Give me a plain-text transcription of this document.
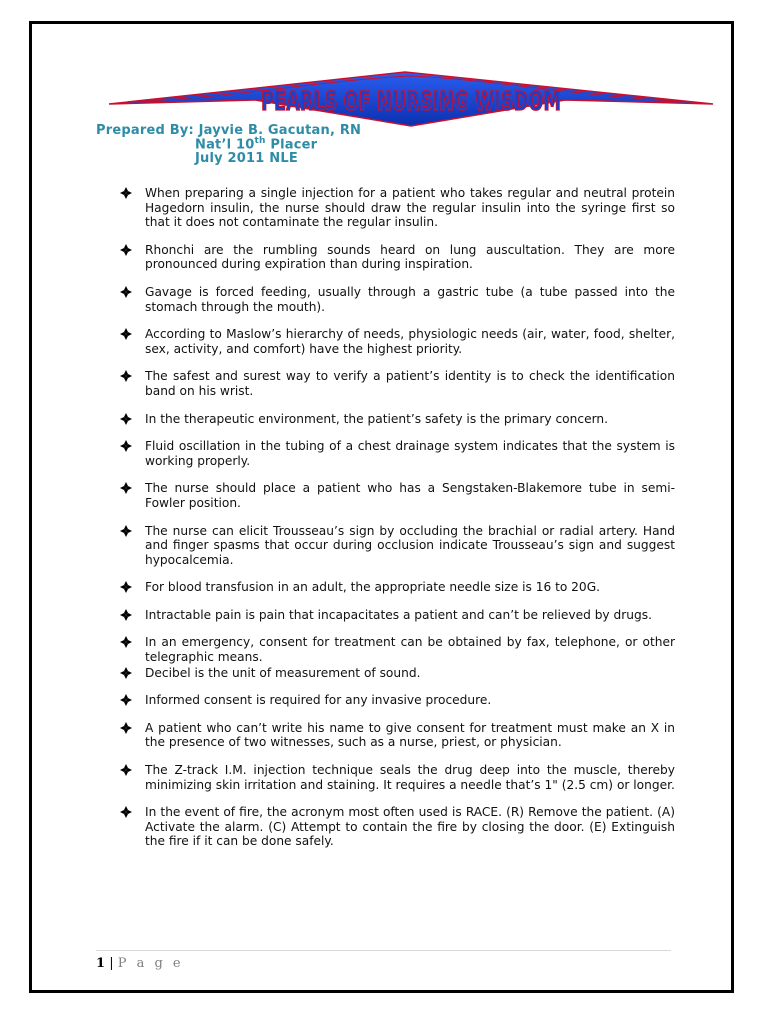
PEARLS OF NURSING WISDOM
Prepared By: Jayvie B. Gacutan, RN
Nat’l 10th Placer
July 2011 NLE
When preparing a single injection for a patient who takes regular and neutral protein Hagedorn insulin, the nurse should draw the regular insulin into the syringe first so that it does not contaminate the regular insulin.
Rhonchi are the rumbling sounds heard on lung auscultation. They are more pronounced during expiration than during inspiration.
Gavage is forced feeding, usually through a gastric tube (a tube passed into the stomach through the mouth).
According to Maslow’s hierarchy of needs, physiologic needs (air, water, food, shelter, sex, activity, and comfort) have the highest priority.
The safest and surest way to verify a patient’s identity is to check the identification band on his wrist.
In the therapeutic environment, the patient’s safety is the primary concern.
Fluid oscillation in the tubing of a chest drainage system indicates that the system is working properly.
The nurse should place a patient who has a Sengstaken-Blakemore tube in semi-Fowler position.
The nurse can elicit Trousseau’s sign by occluding the brachial or radial artery. Hand and finger spasms that occur during occlusion indicate Trousseau’s sign and suggest hypocalcemia.
For blood transfusion in an adult, the appropriate needle size is 16 to 20G.
Intractable pain is pain that incapacitates a patient and can’t be relieved by drugs.
In an emergency, consent for treatment can be obtained by fax, telephone, or other telegraphic means.
Decibel is the unit of measurement of sound.
Informed consent is required for any invasive procedure.
A patient who can’t write his name to give consent for treatment must make an X in the presence of two witnesses, such as a nurse, priest, or physician.
The Z-track I.M. injection technique seals the drug deep into the muscle, thereby minimizing skin irritation and staining. It requires a needle that’s 1" (2.5 cm) or longer.
In the event of fire, the acronym most often used is RACE. (R) Remove the patient. (A) Activate the alarm. (C) Attempt to contain the fire by closing the door. (E) Extinguish the fire if it can be done safely.
1 | P a g e
